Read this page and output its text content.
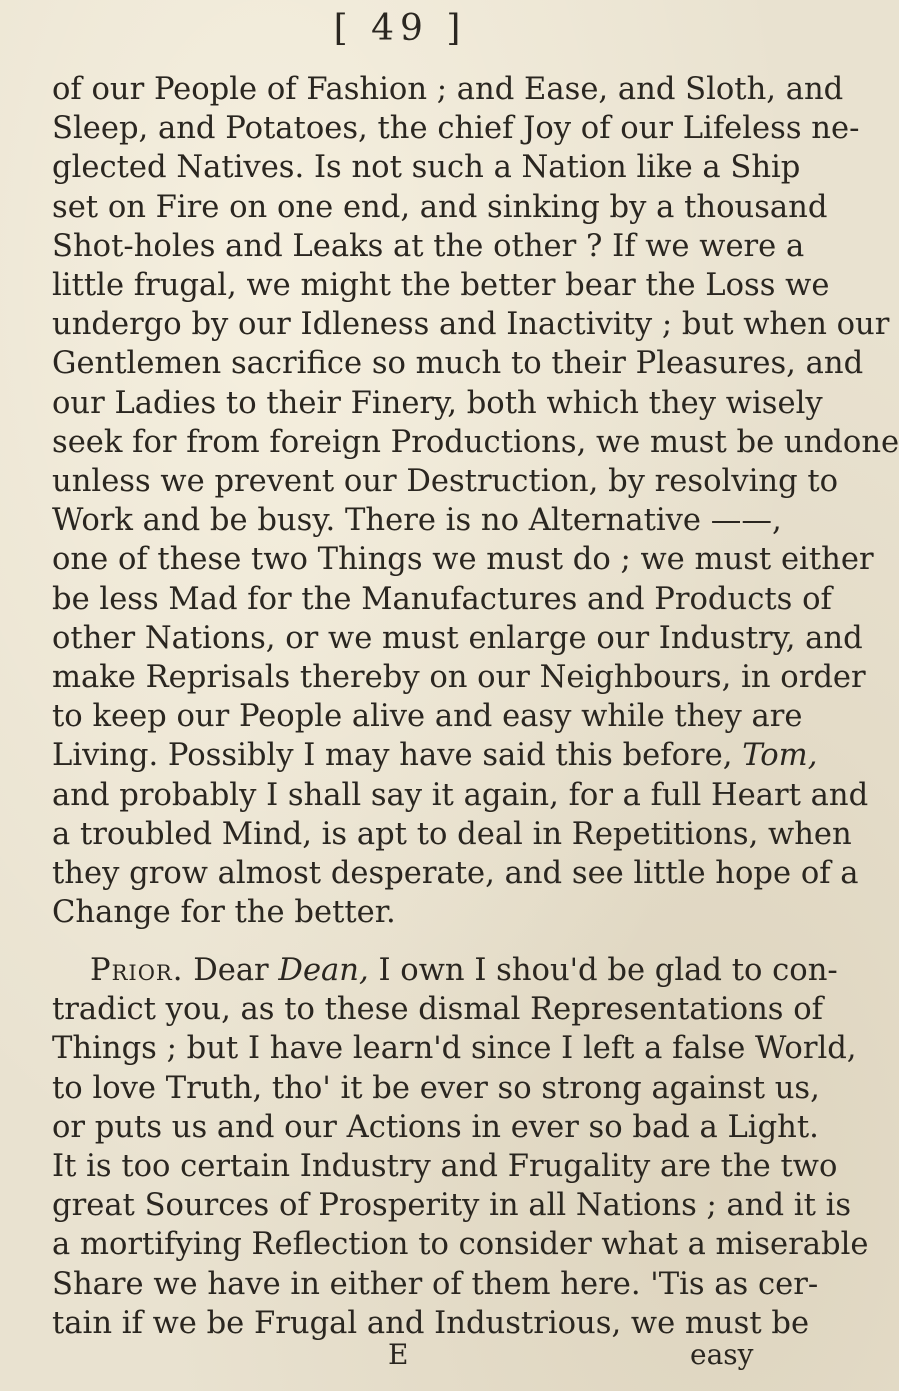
[ 49 ]
of our People of Fashion ; and Ease, and Sloth, and
Sleep, and Potatoes, the chief Joy of our Lifeless ne-
glected Natives. Is not such a Nation like a Ship
set on Fire on one end, and sinking by a thousand
Shot-holes and Leaks at the other ? If we were a
little frugal, we might the better bear the Loss we
undergo by our Idleness and Inactivity ; but when our
Gentlemen sacrifice so much to their Pleasures, and
our Ladies to their Finery, both which they wisely
seek for from foreign Productions, we must be undone
unless we prevent our Destruction, by resolving to
Work and be busy. There is no Alternative ——,
one of these two Things we must do ; we must either
be less Mad for the Manufactures and Products of
other Nations, or we must enlarge our Industry, and
make Reprisals thereby on our Neighbours, in order
to keep our People alive and easy while they are
Living. Possibly I may have said this before, Tom,
and probably I shall say it again, for a full Heart and
a troubled Mind, is apt to deal in Repetitions, when
they grow almost desperate, and see little hope of a
Change for the better.
Prior. Dear Dean, I own I shou'd be glad to con-
tradict you, as to these dismal Representations of
Things ; but I have learn'd since I left a false World,
to love Truth, tho' it be ever so strong against us,
or puts us and our Actions in ever so bad a Light.
It is too certain Industry and Frugality are the two
great Sources of Prosperity in all Nations ; and it is
a mortifying Reflection to consider what a miserable
Share we have in either of them here. 'Tis as cer-
tain if we be Frugal and Industrious, we must be
E	easy
